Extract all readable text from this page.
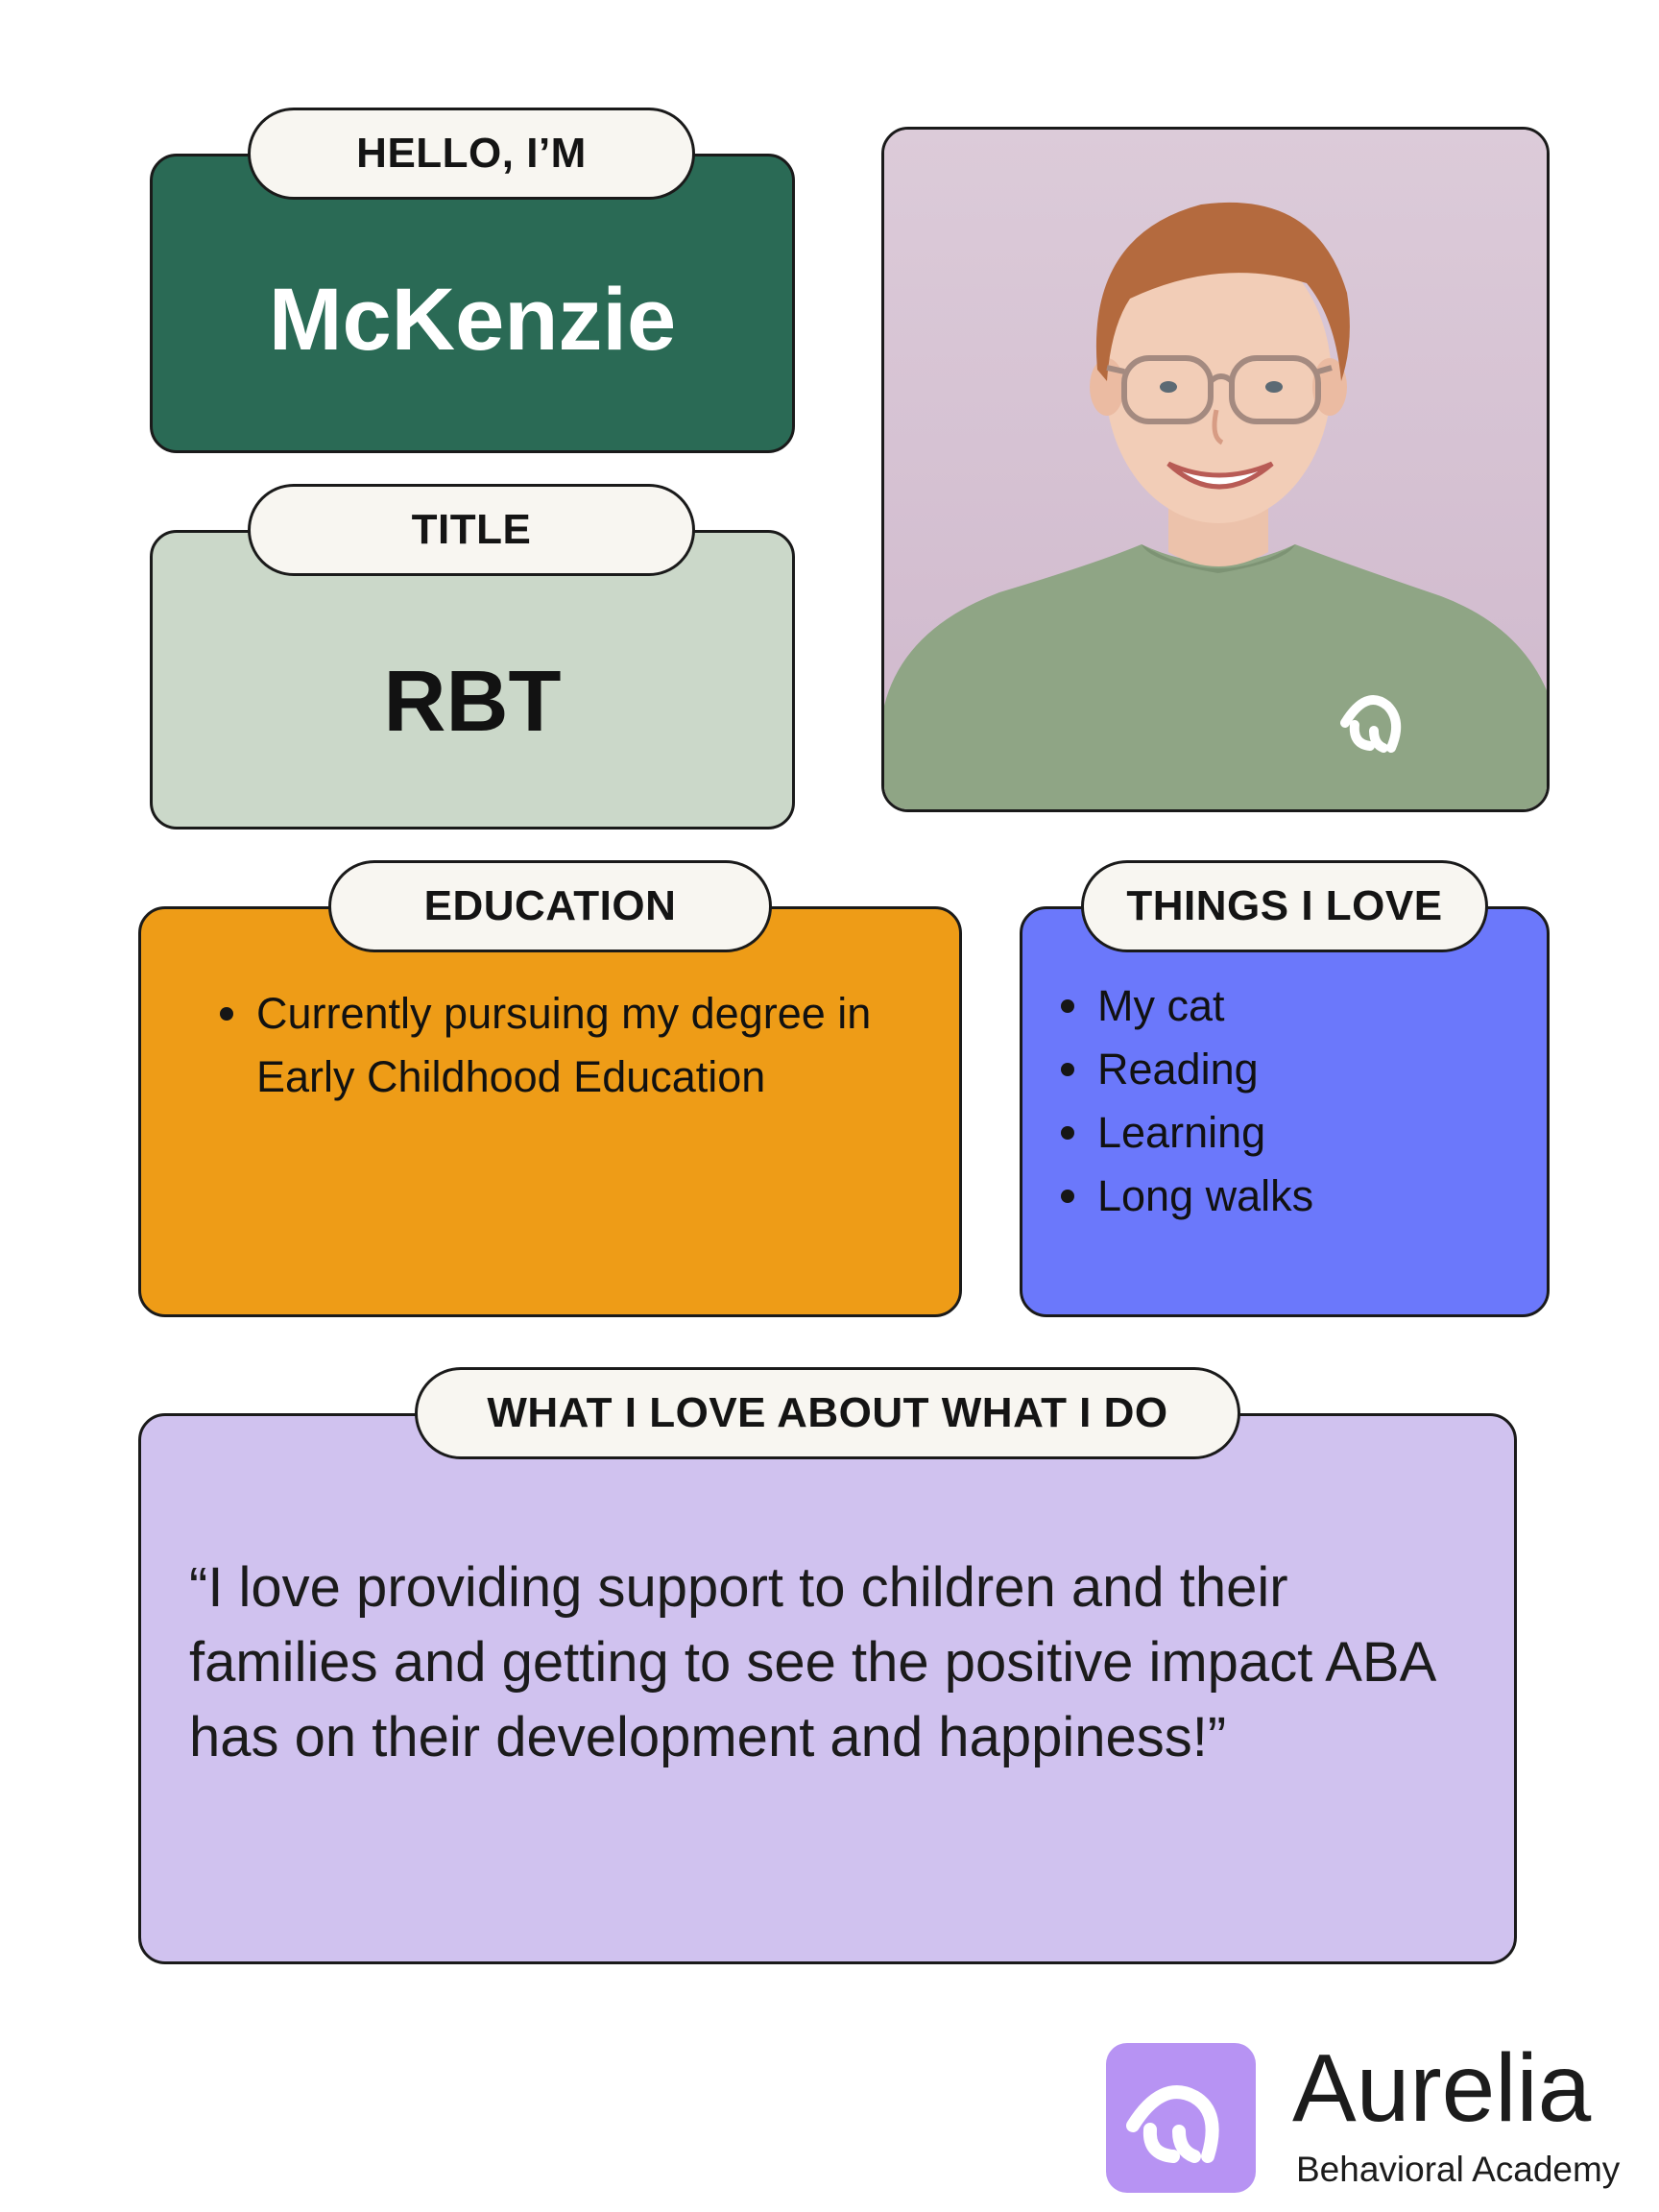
McKenzie
HELLO, I’M
RBT
TITLE
Currently pursuing my degree in Early Childhood Education
EDUCATION
My cat
Reading
Learning
Long walks
THINGS I LOVE

“I love providing support to children and their families and getting to see the positive impact ABA has on their development and happiness!”

WHAT I LOVE ABOUT WHAT I DO
Aurelia
Behavioral Academy
